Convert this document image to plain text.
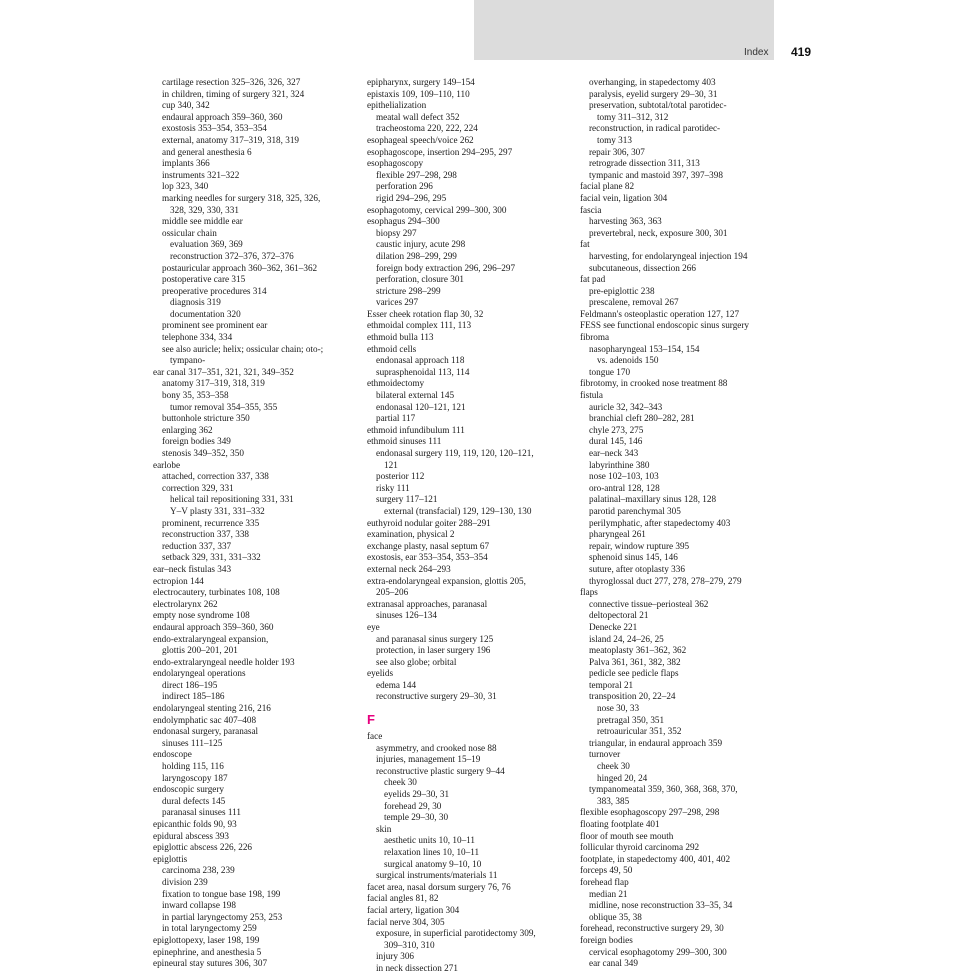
Index 419
cartilage resection 325–326, 326, 327
in children, timing of surgery 321, 324
cup 340, 342
endaural approach 359–360, 360
exostosis 353–354, 353–354
external, anatomy 317–319, 318, 319
and general anesthesia 6
implants 366
instruments 321–322
lop 323, 340
marking needles for surgery 318, 325, 326,
328, 329, 330, 331
middle see middle ear
ossicular chain
evaluation 369, 369
reconstruction 372–376, 372–376
postauricular approach 360–362, 361–362
postoperative care 315
preoperative procedures 314
diagnosis 319
documentation 320
prominent see prominent ear
telephone 334, 334
see also auricle; helix; ossicular chain; oto-;
tympano-
ear canal 317–351, 321, 321, 349–352
anatomy 317–319, 318, 319
bony 35, 353–358
tumor removal 354–355, 355
buttonhole stricture 350
enlarging 362
foreign bodies 349
stenosis 349–352, 350
earlobe
attached, correction 337, 338
correction 329, 331
helical tail repositioning 331, 331
Y–V plasty 331, 331–332
prominent, recurrence 335
reconstruction 337, 338
reduction 337, 337
setback 329, 331, 331–332
ear–neck fistulas 343
ectropion 144
electrocautery, turbinates 108, 108
electrolarynx 262
empty nose syndrome 108
endaural approach 359–360, 360
endo-extralaryngeal expansion,
glottis 200–201, 201
endo-extralaryngeal needle holder 193
endolaryngeal operations
direct 186–195
indirect 185–186
endolaryngeal stenting 216, 216
endolymphatic sac 407–408
endonasal surgery, paranasal
sinuses 111–125
endoscope
holding 115, 116
laryngoscopy 187
endoscopic surgery
dural defects 145
paranasal sinuses 111
epicanthic folds 90, 93
epidural abscess 393
epiglottic abscess 226, 226
epiglottis
carcinoma 238, 239
division 239
fixation to tongue base 198, 199
inward collapse 198
in partial laryngectomy 253, 253
in total laryngectomy 259
epiglottopexy, laser 198, 199
epinephrine, and anesthesia 5
epineural stay sutures 306, 307
epipharynx, surgery 149–154
epistaxis 109, 109–110, 110
epithelialization
meatal wall defect 352
tracheostoma 220, 222, 224
esophageal speech/voice 262
esophagoscope, insertion 294–295, 297
esophagoscopy
flexible 297–298, 298
perforation 296
rigid 294–296, 295
esophagotomy, cervical 299–300, 300
esophagus 294–300
biopsy 297
caustic injury, acute 298
dilation 298–299, 299
foreign body extraction 296, 296–297
perforation, closure 301
stricture 298–299
varices 297
Esser cheek rotation flap 30, 32
ethmoidal complex 111, 113
ethmoid bulla 113
ethmoid cells
endonasal approach 118
suprasphenoidal 113, 114
ethmoidectomy
bilateral external 145
endonasal 120–121, 121
partial 117
ethmoid infundibulum 111
ethmoid sinuses 111
endonasal surgery 119, 119, 120, 120–121,
121
posterior 112
risky 111
surgery 117–121
external (transfacial) 129, 129–130, 130
euthyroid nodular goiter 288–291
examination, physical 2
exchange plasty, nasal septum 67
exostosis, ear 353–354, 353–354
external neck 264–293
extra-endolaryngeal expansion, glottis 205,
205–206
extranasal approaches, paranasal
sinuses 126–134
eye
and paranasal sinus surgery 125
protection, in laser surgery 196
see also globe; orbital
eyelids
edema 144
reconstructive surgery 29–30, 31
F
face
asymmetry, and crooked nose 88
injuries, management 15–19
reconstructive plastic surgery 9–44
cheek 30
eyelids 29–30, 31
forehead 29, 30
temple 29–30, 30
skin
aesthetic units 10, 10–11
relaxation lines 10, 10–11
surgical anatomy 9–10, 10
surgical instruments/materials 11
facet area, nasal dorsum surgery 76, 76
facial angles 81, 82
facial artery, ligation 304
facial nerve 304, 305
exposure, in superficial parotidectomy 309,
309–310, 310
injury 306
in neck dissection 271
overhanging, in stapedectomy 403
paralysis, eyelid surgery 29–30, 31
preservation, subtotal/total parotidec-
tomy 311–312, 312
reconstruction, in radical parotidec-
tomy 313
repair 306, 307
retrograde dissection 311, 313
tympanic and mastoid 397, 397–398
facial plane 82
facial vein, ligation 304
fascia
harvesting 363, 363
prevertebral, neck, exposure 300, 301
fat
harvesting, for endolaryngeal injection 194
subcutaneous, dissection 266
fat pad
pre-epiglottic 238
prescalene, removal 267
Feldmann's osteoplastic operation 127, 127
FESS see functional endoscopic sinus surgery
fibroma
nasopharyngeal 153–154, 154
vs. adenoids 150
tongue 170
fibrotomy, in crooked nose treatment 88
fistula
auricle 32, 342–343
branchial cleft 280–282, 281
chyle 273, 275
dural 145, 146
ear–neck 343
labyrinthine 380
nose 102–103, 103
oro-antral 128, 128
palatinal–maxillary sinus 128, 128
parotid parenchymal 305
perilymphatic, after stapedectomy 403
pharyngeal 261
repair, window rupture 395
sphenoid sinus 145, 146
suture, after otoplasty 336
thyroglossal duct 277, 278, 278–279, 279
flaps
connective tissue–periosteal 362
deltopectoral 21
Denecke 221
island 24, 24–26, 25
meatoplasty 361–362, 362
Palva 361, 361, 382, 382
pedicle see pedicle flaps
temporal 21
transposition 20, 22–24
nose 30, 33
pretragal 350, 351
retroauricular 351, 352
triangular, in endaural approach 359
turnover
cheek 30
hinged 20, 24
tympanomeatal 359, 360, 368, 368, 370,
383, 385
flexible esophagoscopy 297–298, 298
floating footplate 401
floor of mouth see mouth
follicular thyroid carcinoma 292
footplate, in stapedectomy 400, 401, 402
forceps 49, 50
forehead flap
median 21
midline, nose reconstruction 33–35, 34
oblique 35, 38
forehead, reconstructive surgery 29, 30
foreign bodies
cervical esophagotomy 299–300, 300
ear canal 349
